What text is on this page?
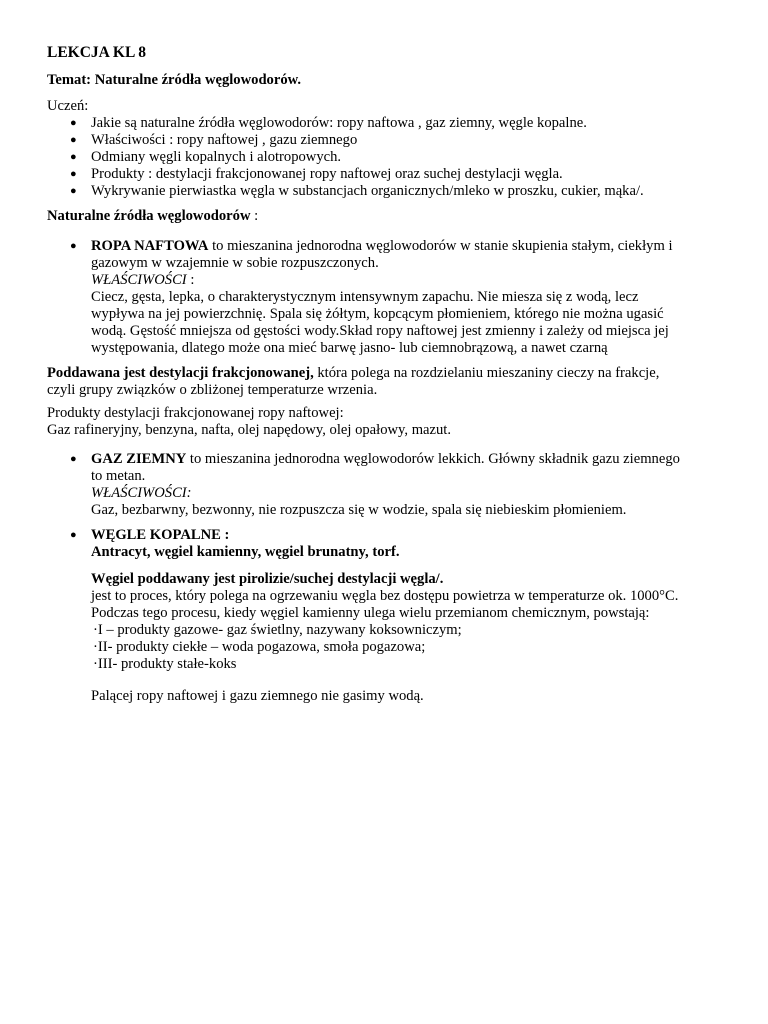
LEKCJA KL 8

Temat: Naturalne źródła węglowodorów.

Uczeń:

● Jakie są naturalne źródła węglowodorów: ropy naftowa , gaz ziemny, węgle kopalne.
● Właściwości : ropy naftowej , gazu ziemnego
● Odmiany węgli kopalnych i alotropowych.
● Produkty : destylacji frakcjonowanej ropy naftowej oraz suchej destylacji węgla.
● Wykrywanie pierwiastka węgla w substancjach organicznych/mleko w proszku, cukier, mąka/.

Naturalne źródła węglowodorów :

● ROPA NAFTOWA to mieszanina jednorodna węglowodorów w stanie skupienia stałym, ciekłym i
gazowym w wzajemnie w sobie rozpuszczonych.

WŁAŚCIWOŚCI :

Ciecz, gęsta, lepka, o charakterystycznym intensywnym zapachu. Nie miesza się z wodą, lecz
wypływa na jej powierzchnię. Spala się żółtym, kopcącym płomieniem, którego nie można ugasić
wodą. Gęstość mniejsza od gęstości wody.Skład ropy naftowej jest zmienny i zależy od miejsca jej
występowania, dlatego może ona mieć barwę jasno- lub ciemnobrązową, a nawet czarną

Poddawana jest destylacji frakcjonowanej, która polega na rozdzielaniu mieszaniny cieczy na frakcje,
czyli grupy związków o zbliżonej temperaturze wrzenia.

Produkty destylacji frakcjonowanej ropy naftowej:
Gaz rafineryjny, benzyna, nafta, olej napędowy, olej opałowy, mazut.

● GAZ ZIEMNY to mieszanina jednorodna węglowodorów lekkich. Główny składnik gazu ziemnego
to metan.

WŁAŚCIWOŚCI:

Gaz, bezbarwny, bezwonny, nie rozpuszcza się w wodzie, spala się niebieskim płomieniem.

● WĘGLE KOPALNE :

Antracyt, węgiel kamienny, węgiel brunatny, torf.

Węgiel poddawany jest pirolizie/suchej destylacji węgla/.

jest to proces, który polega na ogrzewaniu węgla bez dostępu powietrza w temperaturze ok. 1000°C.
Podczas tego procesu, kiedy węgiel kamienny ulega wielu przemianom chemicznym, powstają:

·I – produkty gazowe- gaz świetlny, nazywany koksowniczym;

·II- produkty ciekłe – woda pogazowa, smoła pogazowa;

·III- produkty stałe-koks

Palącej ropy naftowej i gazu ziemnego nie gasimy wodą.
